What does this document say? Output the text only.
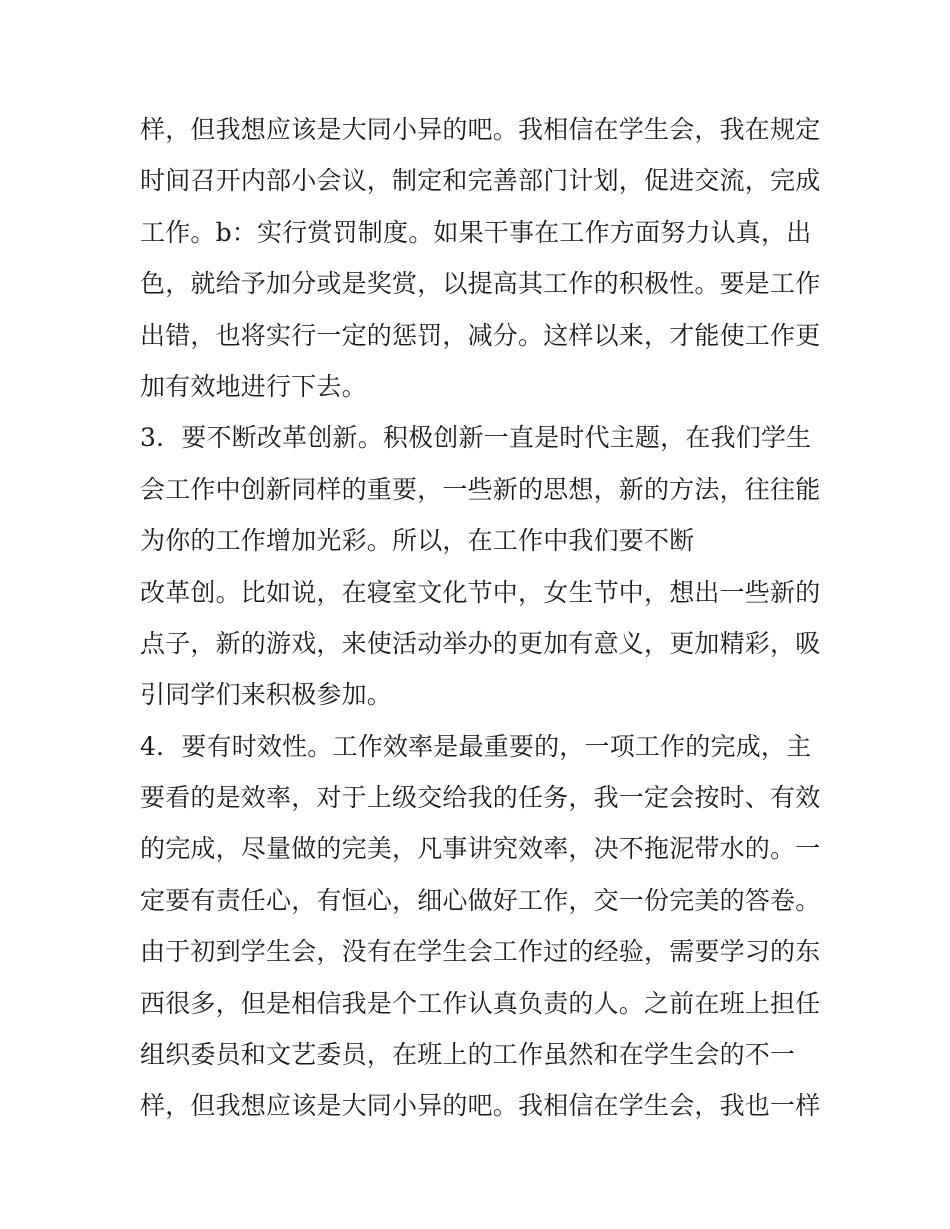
样，但我想应该是大同小异的吧。我相信在学生会，我在规定
时间召开内部小会议，制定和完善部门计划，促进交流，完成
工作。b：实行赏罚制度。如果干事在工作方面努力认真，出
色，就给予加分或是奖赏，以提高其工作的积极性。要是工作
出错，也将实行一定的惩罚，减分。这样以来，才能使工作更
加有效地进行下去。
3．要不断改革创新。积极创新一直是时代主题，在我们学生
会工作中创新同样的重要，一些新的思想，新的方法，往往能
为你的工作增加光彩。所以，在工作中我们要不断
改革创。比如说，在寝室文化节中，女生节中，想出一些新的
点子，新的游戏，来使活动举办的更加有意义，更加精彩，吸
引同学们来积极参加。
4．要有时效性。工作效率是最重要的，一项工作的完成，主
要看的是效率，对于上级交给我的任务，我一定会按时、有效
的完成，尽量做的完美，凡事讲究效率，决不拖泥带水的。一
定要有责任心，有恒心，细心做好工作，交一份完美的答卷。
由于初到学生会，没有在学生会工作过的经验，需要学习的东
西很多，但是相信我是个工作认真负责的人。之前在班上担任
组织委员和文艺委员，在班上的工作虽然和在学生会的不一
样，但我想应该是大同小异的吧。我相信在学生会，我也一样
